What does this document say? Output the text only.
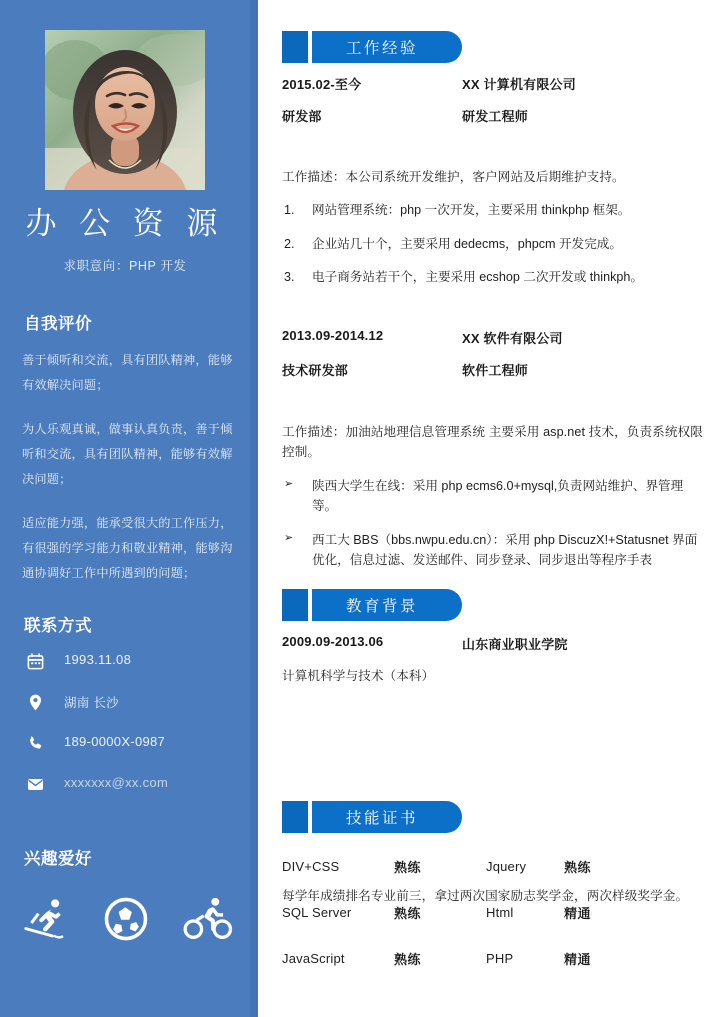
办 公 资 源
求职意向：PHP 开发
自我评价

善于倾听和交流，具有团队精神，能够有效解决问题；

为人乐观真诚，做事认真负责，善于倾听和交流，具有团队精神，能够有效解决问题；

适应能力强，能承受很大的工作压力，有很强的学习能力和敬业精神，能够沟通协调好工作中所遇到的问题；

联系方式
1993.11.08
湖南 长沙
189-0000X-0987
xxxxxxx@xx.com
兴趣爱好
工作经验
2015.02-至今	XX 计算机有限公司
研发部	研发工程师
工作描述：本公司系统开发维护，客户网站及后期维护支持。
1. 网站管理系统：php 一次开发，主要采用 thinkphp 框架。
2. 企业站几十个，主要采用 dedecms，phpcm 开发完成。
3. 电子商务站若干个，主要采用 ecshop 二次开发或 thinkph。
2013.09-2014.12	XX 软件有限公司
技术研发部	软件工程师
工作描述：加油站地理信息管理系统 主要采用 asp.net 技术，负责系统权限控制。
➢ 陕西大学生在线：采用 php ecms6.0+mysql,负责网站维护、界管理等。
➢ 西工大 BBS（bbs.nwpu.edu.cn）：采用 php DiscuzX!+Statusnet 界面优化，信息过滤、发送邮件、同步登录、同步退出等程序手表
教育背景
2009.09-2013.06	山东商业职业学院
计算机科学与技术（本科）
每学年成绩排名专业前三，拿过两次国家励志奖学金，两次样级奖学金。
技能证书
DIV+CSS	熟练	Jquery	熟练
SQL Server	熟练	Html	精通
JavaScript	熟练	PHP	精通
